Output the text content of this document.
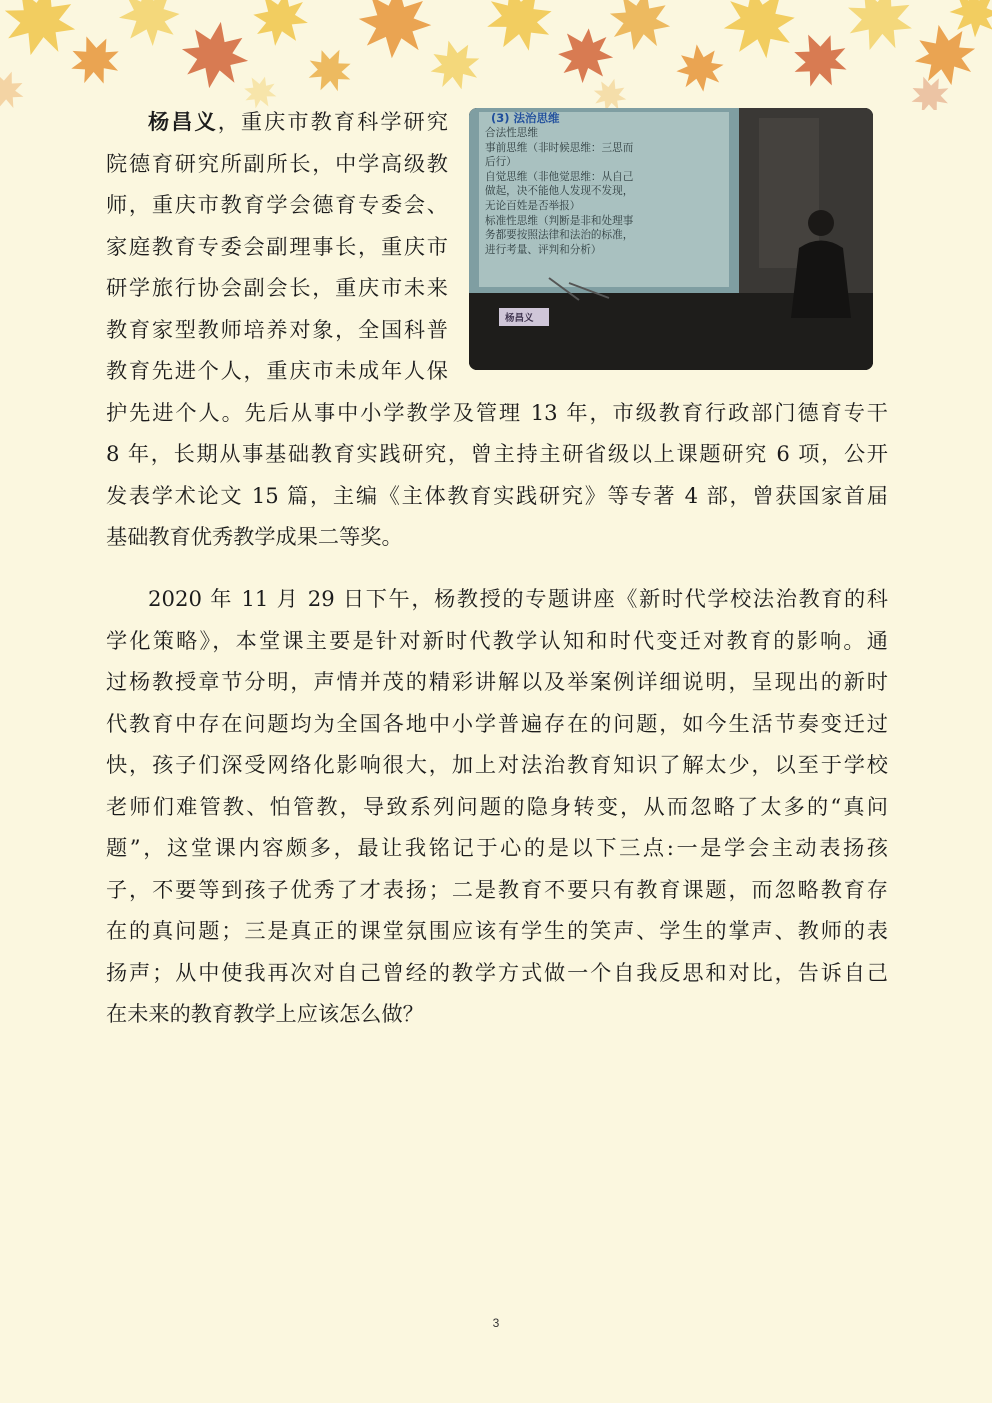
(3) 法治思维
合法性思维
事前思维（非时候思维：三思而
后行）
自觉思维（非他觉思维：从自己
做起，决不能他人发现不发现，
无论百姓是否举报）
标准性思维（判断是非和处理事
务都要按照法律和法治的标准，
进行考量、评判和分析）
杨昌义
杨昌义，重庆市教育科学研究
院德育研究所副所长，中学高级教
师，重庆市教育学会德育专委会、
家庭教育专委会副理事长，重庆市
研学旅行协会副会长，重庆市未来
教育家型教师培养对象，全国科普
教育先进个人，重庆市未成年人保
护先进个人。先后从事中小学教学及管理 13 年，市级教育行政部门德育专干
8 年，长期从事基础教育实践研究，曾主持主研省级以上课题研究 6 项，公开
发表学术论文 15 篇，主编《主体教育实践研究》等专著 4 部，曾获国家首届
基础教育优秀教学成果二等奖。
2020 年 11 月 29 日下午，杨教授的专题讲座《新时代学校法治教育的科
学化策略》，本堂课主要是针对新时代教学认知和时代变迁对教育的影响。通
过杨教授章节分明，声情并茂的精彩讲解以及举案例详细说明，呈现出的新时
代教育中存在问题均为全国各地中小学普遍存在的问题，如今生活节奏变迁过
快，孩子们深受网络化影响很大，加上对法治教育知识了解太少，以至于学校
老师们难管教、怕管教，导致系列问题的隐身转变，从而忽略了太多的“真问
题”，这堂课内容颇多，最让我铭记于心的是以下三点:一是学会主动表扬孩
子，不要等到孩子优秀了才表扬；二是教育不要只有教育课题，而忽略教育存
在的真问题；三是真正的课堂氛围应该有学生的笑声、学生的掌声、教师的表
扬声；从中使我再次对自己曾经的教学方式做一个自我反思和对比，告诉自己
在未来的教育教学上应该怎么做？
3
